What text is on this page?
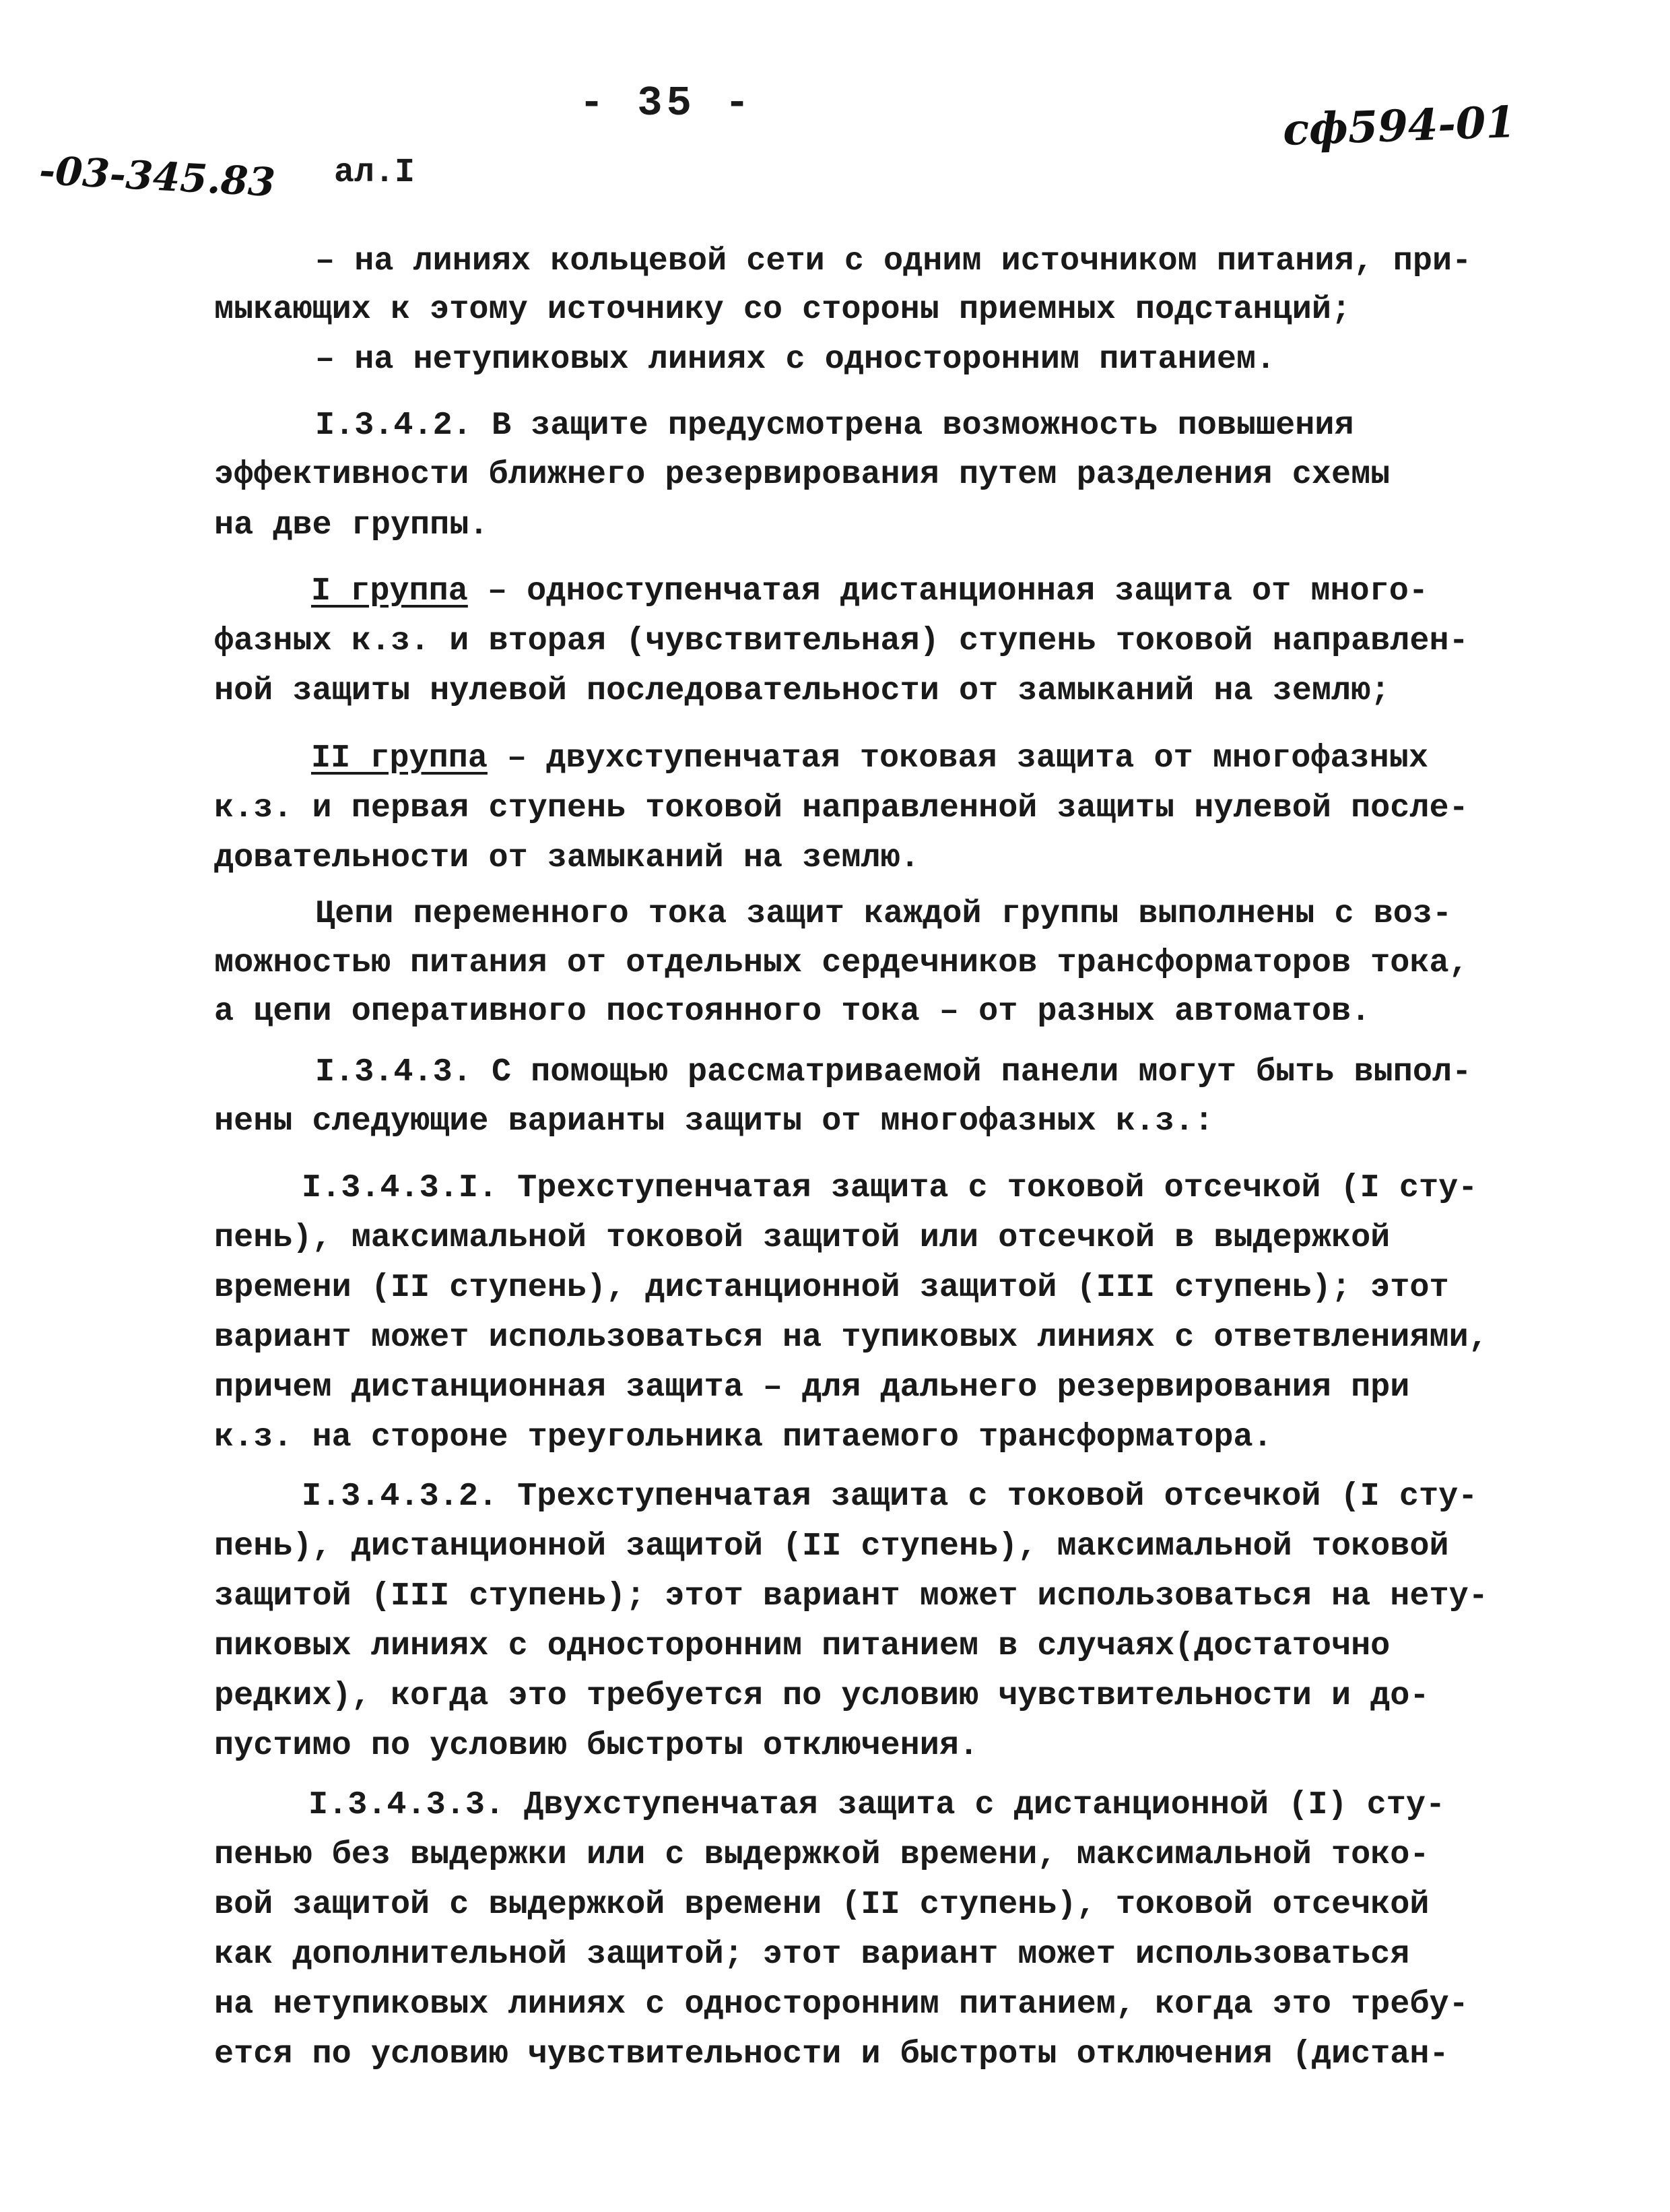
- 35 -	сф594-01
-03-345.83 ал.I
– на линиях кольцевой сети с одним источником питания, при-
мыкающих к этому источнику со стороны приемных подстанций;
– на нетупиковых линиях с односторонним питанием.
I.3.4.2. В защите предусмотрена возможность повышения
эффективности ближнего резервирования путем разделения схемы
на две группы.
I группа – одноступенчатая дистанционная защита от много-
фазных к.з. и вторая (чувствительная) ступень токовой направлен-
ной защиты нулевой последовательности от замыканий на землю;
II группа – двухступенчатая токовая защита от многофазных
к.з. и первая ступень токовой направленной защиты нулевой после-
довательности от замыканий на землю.
Цепи переменного тока защит каждой группы выполнены с воз-
можностью питания от отдельных сердечников трансформаторов тока,
а цепи оперативного постоянного тока – от разных автоматов.
I.3.4.3. С помощью рассматриваемой панели могут быть выпол-
нены следующие варианты защиты от многофазных к.з.:
I.3.4.3.I. Трехступенчатая защита с токовой отсечкой (I сту-
пень), максимальной токовой защитой или отсечкой в выдержкой
времени (II ступень), дистанционной защитой (III ступень); этот
вариант может использоваться на тупиковых линиях с ответвлениями,
причем дистанционная защита – для дальнего резервирования при
к.з. на стороне треугольника питаемого трансформатора.
I.3.4.3.2. Трехступенчатая защита с токовой отсечкой (I сту-
пень), дистанционной защитой (II ступень), максимальной токовой
защитой (III ступень); этот вариант может использоваться на нету-
пиковых линиях с односторонним питанием в случаях(достаточно
редких), когда это требуется по условию чувствительности и до-
пустимо по условию быстроты отключения.
I.3.4.3.3. Двухступенчатая защита с дистанционной (I) сту-
пенью без выдержки или с выдержкой времени, максимальной токо-
вой защитой с выдержкой времени (II ступень), токовой отсечкой
как дополнительной защитой; этот вариант может использоваться
на нетупиковых линиях с односторонним питанием, когда это требу-
ется по условию чувствительности и быстроты отключения (дистан-
